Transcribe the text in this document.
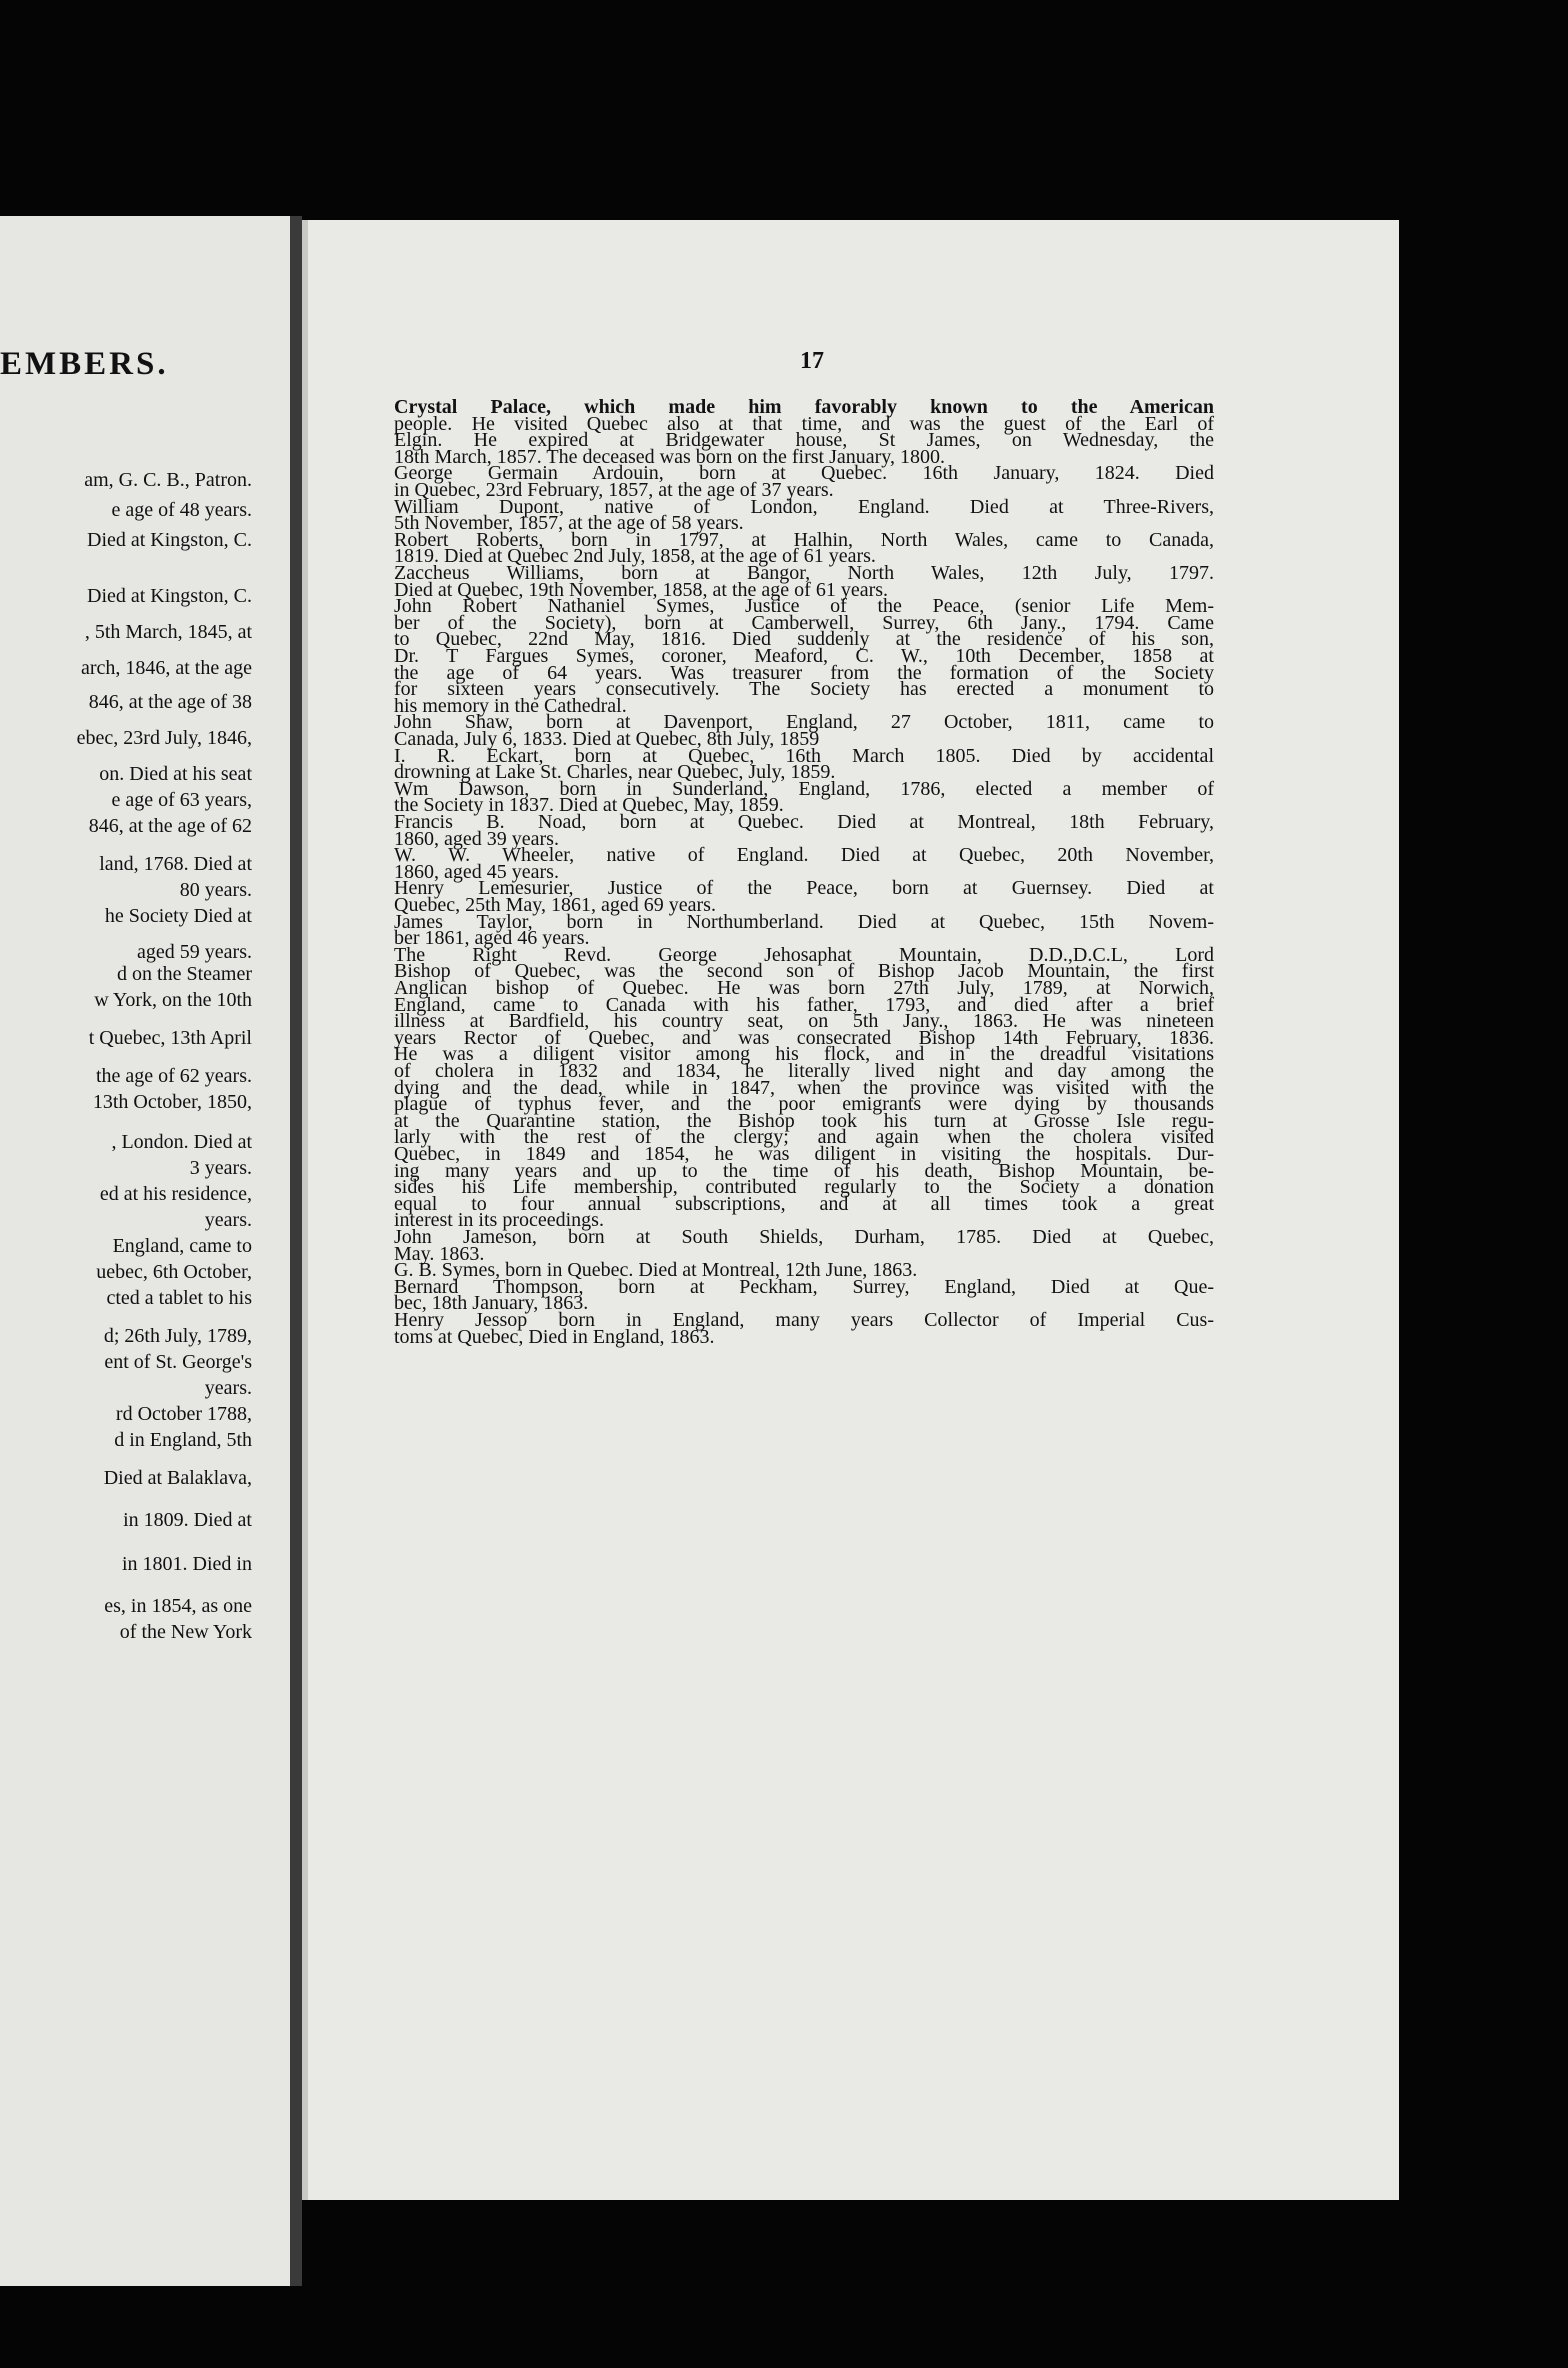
EMBERS.
am, G. C. B., Patron.
e age of 48 years.
Died at Kingston, C.
Died at Kingston, C.
, 5th March, 1845, at
arch, 1846, at the age
846, at the age of 38
ebec, 23rd July, 1846,
on. Died at his seat
e age of 63 years,
846, at the age of 62
land, 1768. Died at
80 years.
he Society Died at
aged 59 years.
d on the Steamer
w York, on the 10th
t Quebec, 13th April
the age of 62 years.
13th October, 1850,
, London. Died at
3 years.
ed at his residence,
years.
England, came to
uebec, 6th October,
cted a tablet to his
d; 26th July, 1789,
ent of St. George's
years.
rd October 1788,
d in England, 5th
Died at Balaklava,
in 1809. Died at
in 1801. Died in
es, in 1854, as one
of the New York
17
Crystal Palace, which made him favorably known to the American
people. He visited Quebec also at that time, and was the guest of the Earl of
Elgin. He expired at Bridgewater house, St James, on Wednesday, the
18th March, 1857. The deceased was born on the first January, 1800.
George Germain Ardouin, born at Quebec. 16th January, 1824. Died
in Quebec, 23rd February, 1857, at the age of 37 years.
William Dupont, native of London, England. Died at Three-Rivers,
5th November, 1857, at the age of 58 years.
Robert Roberts, born in 1797, at Halhin, North Wales, came to Canada,
1819. Died at Quebec 2nd July, 1858, at the age of 61 years.
Zaccheus Williams, born at Bangor, North Wales, 12th July, 1797.
Died at Quebec, 19th November, 1858, at the age of 61 years.
John Robert Nathaniel Symes, Justice of the Peace, (senior Life Mem-
ber of the Society), born at Camberwell, Surrey, 6th Jany., 1794. Came
to Quebec, 22nd May, 1816. Died suddenly at the residence of his son,
Dr. T Fargues Symes, coroner, Meaford, C. W., 10th December, 1858 at
the age of 64 years. Was treasurer from the formation of the Society
for sixteen years consecutively. The Society has erected a monument to
his memory in the Cathedral.
John Shaw, born at Davenport, England, 27 October, 1811, came to
Canada, July 6, 1833. Died at Quebec, 8th July, 1859
I. R. Eckart, born at Quebec, 16th March 1805. Died by accidental
drowning at Lake St. Charles, near Quebec, July, 1859.
Wm Dawson, born in Sunderland, England, 1786, elected a member of
the Society in 1837. Died at Quebec, May, 1859.
Francis B. Noad, born at Quebec. Died at Montreal, 18th February,
1860, aged 39 years.
W. W. Wheeler, native of England. Died at Quebec, 20th November,
1860, aged 45 years.
Henry Lemesurier, Justice of the Peace, born at Guernsey. Died at
Quebec, 25th May, 1861, aged 69 years.
James Taylor, born in Northumberland. Died at Quebec, 15th Novem-
ber 1861, aged 46 years.
The Right Revd. George Jehosaphat Mountain, D.D.,D.C.L, Lord
Bishop of Quebec, was the second son of Bishop Jacob Mountain, the first
Anglican bishop of Quebec. He was born 27th July, 1789, at Norwich,
England, came to Canada with his father, 1793, and died after a brief
illness at Bardfield, his country seat, on 5th Jany., 1863. He was nineteen
years Rector of Quebec, and was consecrated Bishop 14th February, 1836.
He was a diligent visitor among his flock, and in the dreadful visitations
of cholera in 1832 and 1834, he literally lived night and day among the
dying and the dead, while in 1847, when the province was visited with the
plague of typhus fever, and the poor emigrants were dying by thousands
at the Quarantine station, the Bishop took his turn at Grosse Isle regu-
larly with the rest of the clergy; and again when the cholera visited
Quebec, in 1849 and 1854, he was diligent in visiting the hospitals. Dur-
ing many years and up to the time of his death, Bishop Mountain, be-
sides his Life membership, contributed regularly to the Society a donation
equal to four annual subscriptions, and at all times took a great
interest in its proceedings.
John Jameson, born at South Shields, Durham, 1785. Died at Quebec,
May. 1863.
G. B. Symes, born in Quebec. Died at Montreal, 12th June, 1863.
Bernard Thompson, born at Peckham, Surrey, England, Died at Que-
bec, 18th January, 1863.
Henry Jessop born in England, many years Collector of Imperial Cus-
toms at Quebec, Died in England, 1863.
